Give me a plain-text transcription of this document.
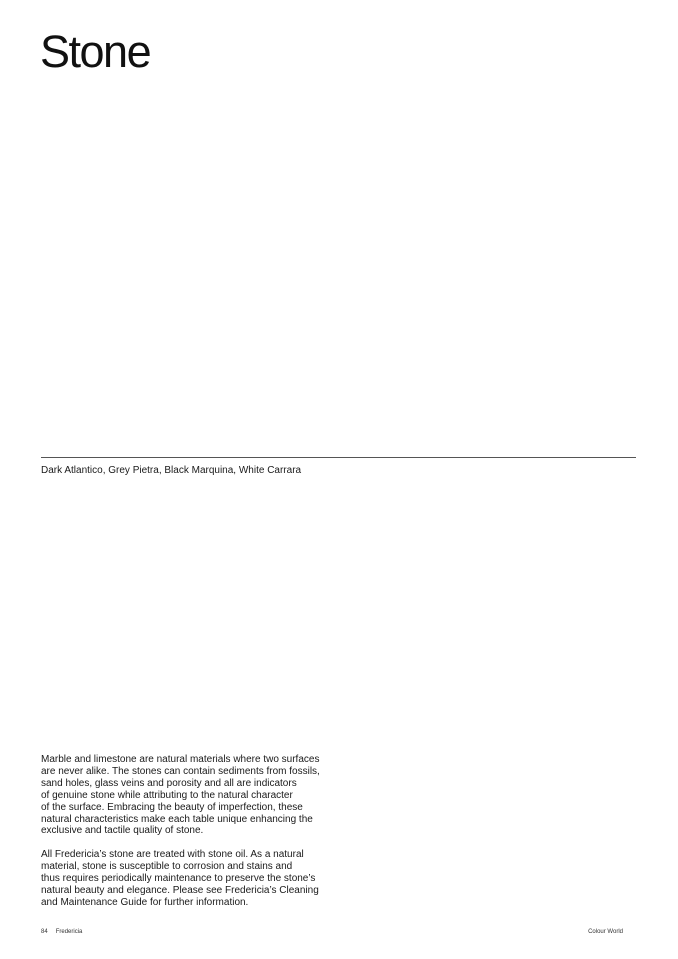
Stone

Dark Atlantico, Grey Pietra, Black Marquina, White Carrara

Marble and limestone are natural materials where two surfaces
are never alike. The stones can contain sediments from fossils,
sand holes, glass veins and porosity and all are indicators
of genuine stone while attributing to the natural character
of the surface. Embracing the beauty of imperfection, these
natural characteristics make each table unique enhancing the
exclusive and tactile quality of stone.

All Fredericia’s stone are treated with stone oil. As a natural
material, stone is susceptible to corrosion and stains and
thus requires periodically maintenance to preserve the stone’s
natural beauty and elegance. Please see Fredericia’s Cleaning
and Maintenance Guide for further information.

84 Fredericia	Colour World
